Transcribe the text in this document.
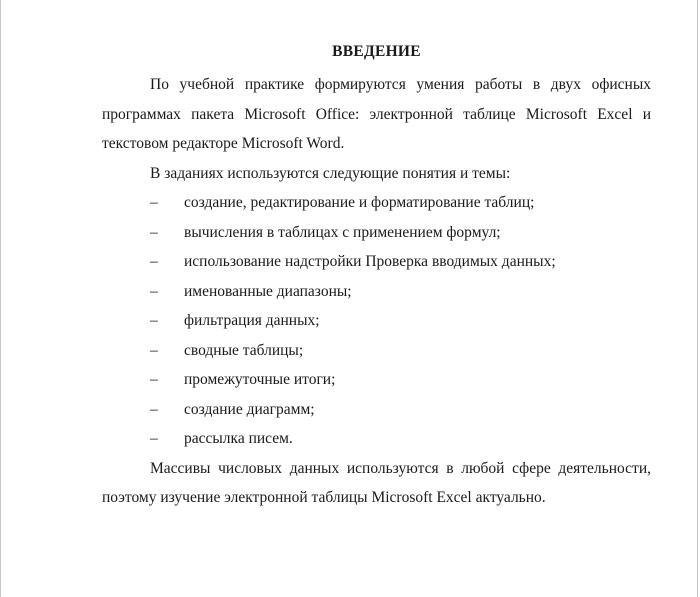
ВВЕДЕНИЕ

По учебной практике формируются умения работы в двух офисных программах пакета Microsoft Office: электронной таблице Microsoft Excel и текстовом редакторе Microsoft Word.

В заданиях используются следующие понятия и темы:

– создание, редактирование и форматирование таблиц;
– вычисления в таблицах с применением формул;
– использование надстройки Проверка вводимых данных;
– именованные диапазоны;
– фильтрация данных;
– сводные таблицы;
– промежуточные итоги;
– создание диаграмм;
– рассылка писем.

Массивы числовых данных используются в любой сфере деятельности, поэтому изучение электронной таблицы Microsoft Excel актуально.
